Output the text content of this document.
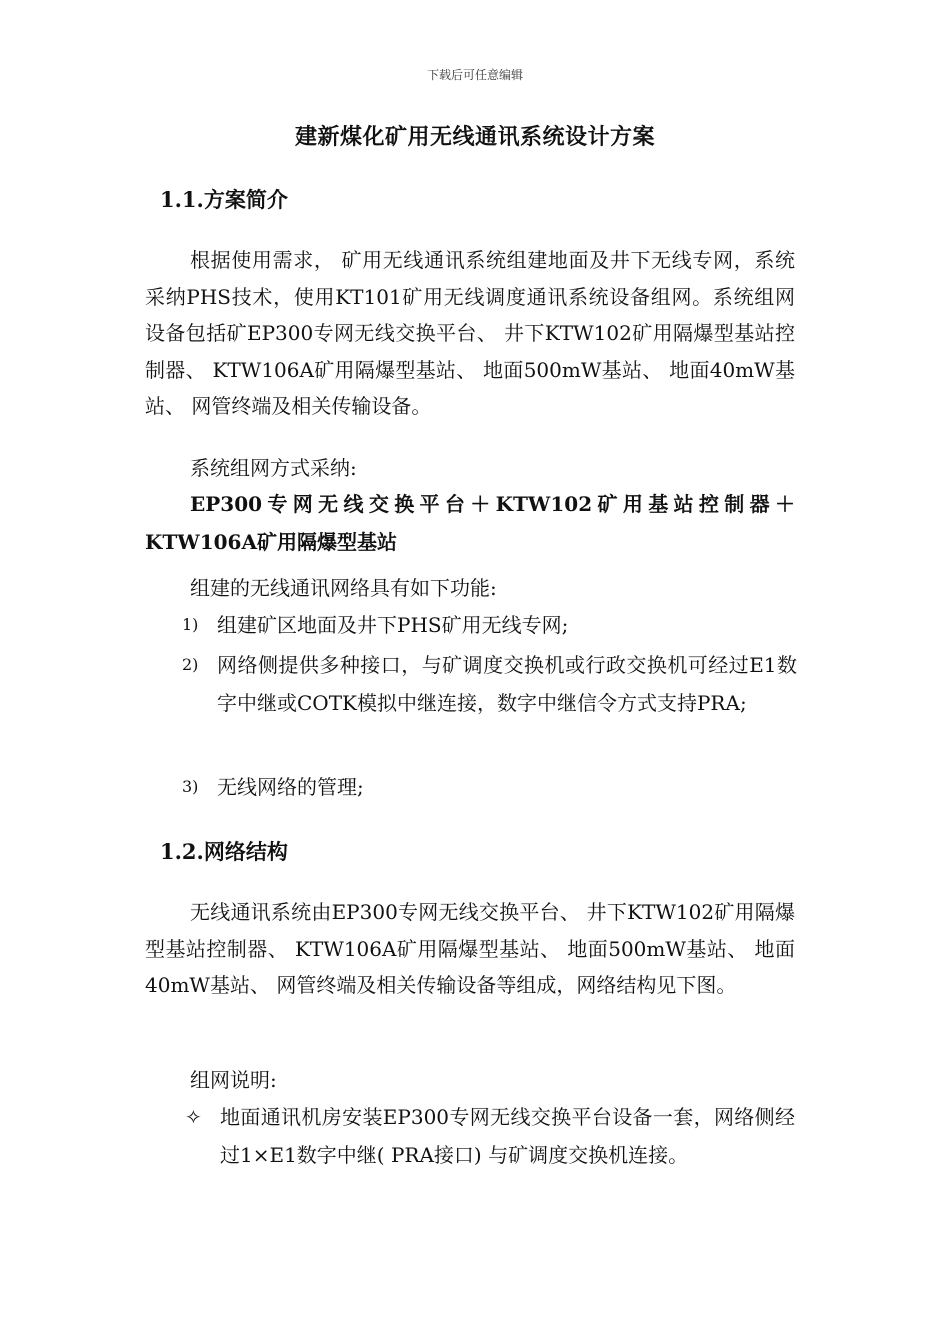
下载后可任意编辑
建新煤化矿用无线通讯系统设计方案
1.1.方案简介

根据使用需求， 矿用无线通讯系统组建地面及井下无线专网，系统采纳PHS技术，使用KT101矿用无线调度通讯系统设备组网。系统组网设备包括矿EP300专网无线交换平台、 井下KTW102矿用隔爆型基站控制器、 KTW106A矿用隔爆型基站、 地面500mW基站、 地面40mW基站、 网管终端及相关传输设备。

系统组网方式采纳:

EP300专网无线交换平台＋KTW102矿用基站控制器＋KTW106A矿用隔爆型基站

组建的无线通讯网络具有如下功能:
1) 组建矿区地面及井下PHS矿用无线专网;
2) 网络侧提供多种接口，与矿调度交换机或行政交换机可经过E1数字中继或COTK模拟中继连接，数字中继信令方式支持PRA;
3) 无线网络的管理;
1.2.网络结构

无线通讯系统由EP300专网无线交换平台、 井下KTW102矿用隔爆型基站控制器、 KTW106A矿用隔爆型基站、 地面500mW基站、 地面40mW基站、 网管终端及相关传输设备等组成，网络结构见下图。

组网说明:
✧ 地面通讯机房安装EP300专网无线交换平台设备一套，网络侧经过1×E1数字中继( PRA接口) 与矿调度交换机连接。
